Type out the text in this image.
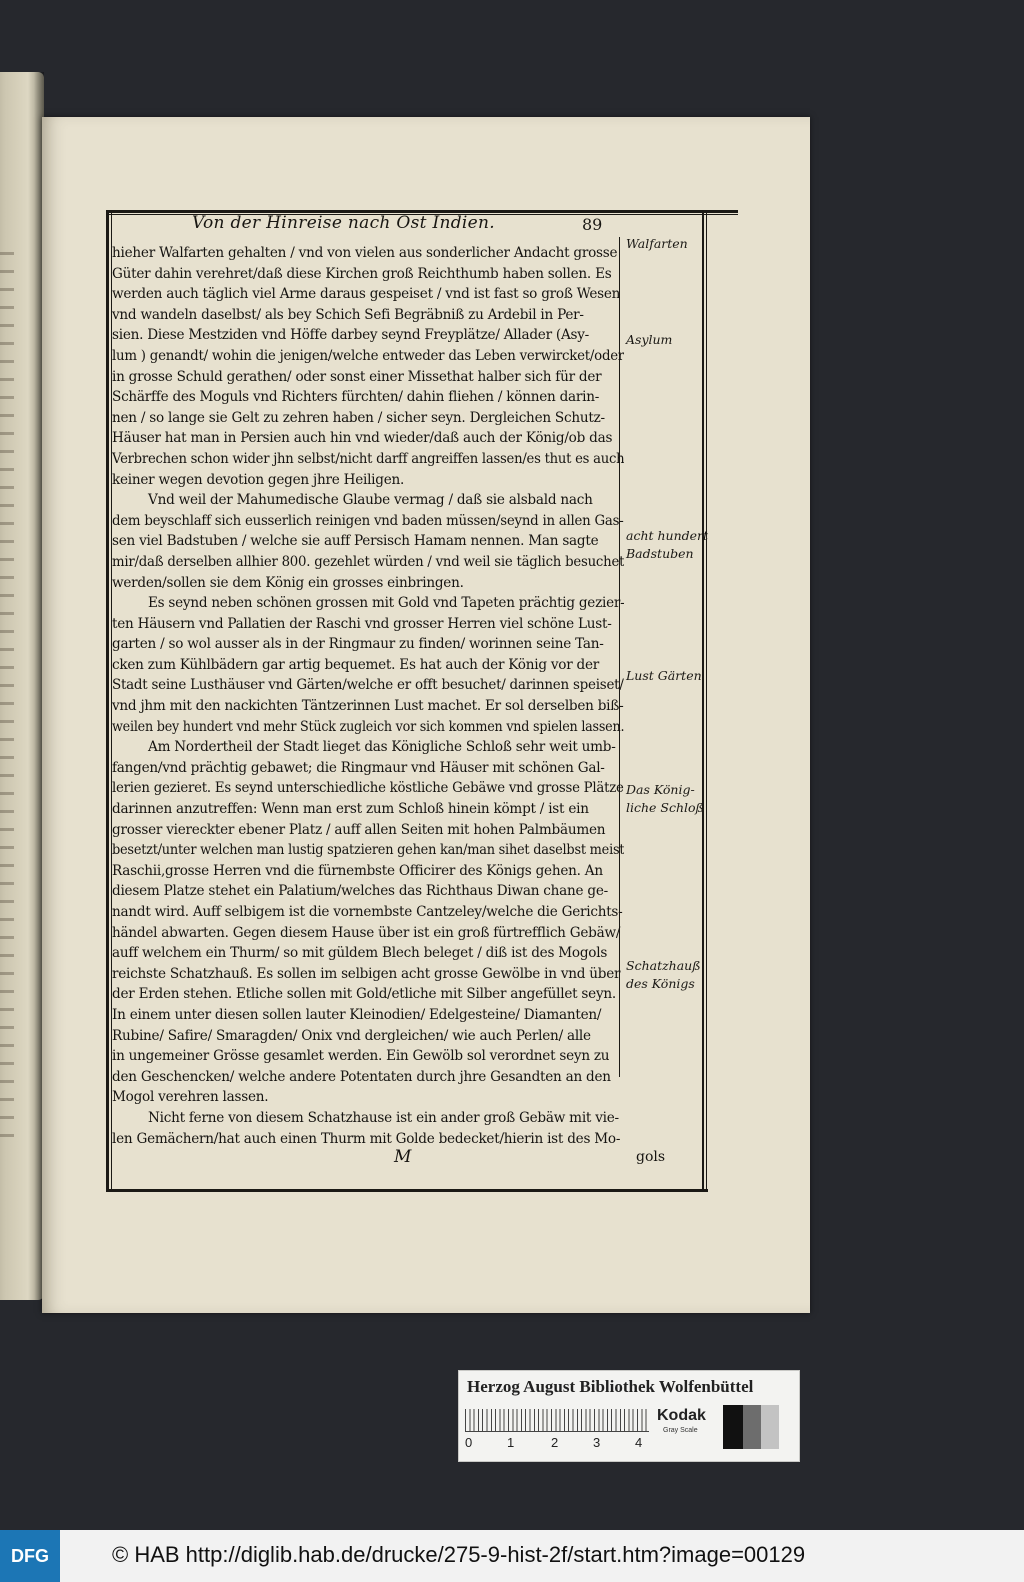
Von der Hinreise nach Ost Indien.	89
hieher Walfarten gehalten / vnd von vielen aus sonderlicher Andacht grosse
Güter dahin verehret/daß diese Kirchen groß Reichthumb haben sollen. Es
werden auch täglich viel Arme daraus gespeiset / vnd ist fast so groß Wesen
vnd wandeln daselbst/ als bey Schich Sefi Begräbniß zu Ardebil in Per-
sien. Diese Mestziden vnd Höffe darbey seynd Freyplätze/ Allader (Asy-
lum ) genandt/ wohin die jenigen/welche entweder das Leben verwircket/oder
in grosse Schuld gerathen/ oder sonst einer Missethat halber sich für der
Schärffe des Moguls vnd Richters fürchten/ dahin fliehen / können darin-
nen / so lange sie Gelt zu zehren haben / sicher seyn. Dergleichen Schutz-
Häuser hat man in Persien auch hin vnd wieder/daß auch der König/ob das
Verbrechen schon wider jhn selbst/nicht darff angreiffen lassen/es thut es auch
keiner wegen devotion gegen jhre Heiligen.
Vnd weil der Mahumedische Glaube vermag / daß sie alsbald nach
dem beyschlaff sich eusserlich reinigen vnd baden müssen/seynd in allen Gas-
sen viel Badstuben / welche sie auff Persisch Hamam nennen. Man sagte
mir/daß derselben allhier 800. gezehlet würden / vnd weil sie täglich besuchet
werden/sollen sie dem König ein grosses einbringen.
Es seynd neben schönen grossen mit Gold vnd Tapeten prächtig gezier-
ten Häusern vnd Pallatien der Raschi vnd grosser Herren viel schöne Lust-
garten / so wol ausser als in der Ringmaur zu finden/ worinnen seine Tan-
cken zum Kühlbädern gar artig bequemet. Es hat auch der König vor der
Stadt seine Lusthäuser vnd Gärten/welche er offt besuchet/ darinnen speiset/
vnd jhm mit den nackichten Täntzerinnen Lust machet. Er sol derselben biß-
weilen bey hundert vnd mehr Stück zugleich vor sich kommen vnd spielen lassen.
Am Nordertheil der Stadt lieget das Königliche Schloß sehr weit umb-
fangen/vnd prächtig gebawet; die Ringmaur vnd Häuser mit schönen Gal-
lerien gezieret. Es seynd unterschiedliche köstliche Gebäwe vnd grosse Plätze
darinnen anzutreffen: Wenn man erst zum Schloß hinein kömpt / ist ein
grosser viereckter ebener Platz / auff allen Seiten mit hohen Palmbäumen
besetzt/unter welchen man lustig spatzieren gehen kan/man sihet daselbst meist
Raschii,grosse Herren vnd die fürnembste Officirer des Königs gehen. An
diesem Platze stehet ein Palatium/welches das Richthaus Diwan chane ge-
nandt wird. Auff selbigem ist die vornembste Cantzeley/welche die Gerichts-
händel abwarten. Gegen diesem Hause über ist ein groß fürtrefflich Gebäw/
auff welchem ein Thurm/ so mit güldem Blech beleget / diß ist des Mogols
reichste Schatzhauß. Es sollen im selbigen acht grosse Gewölbe in vnd über
der Erden stehen. Etliche sollen mit Gold/etliche mit Silber angefüllet seyn.
In einem unter diesen sollen lauter Kleinodien/ Edelgesteine/ Diamanten/
Rubine/ Safire/ Smaragden/ Onix vnd dergleichen/ wie auch Perlen/ alle
in ungemeiner Grösse gesamlet werden. Ein Gewölb sol verordnet seyn zu
den Geschencken/ welche andere Potentaten durch jhre Gesandten an den
Mogol verehren lassen.
Nicht ferne von diesem Schatzhause ist ein ander groß Gebäw mit vie-
len Gemächern/hat auch einen Thurm mit Golde bedecket/hierin ist des Mo-
Walfarten
Asylum
acht hundert Badstuben
Lust Gärten
Das König-liche Schloß
Schatzhauß des Königs
M	gols
Herzog August Bibliothek Wolfenbüttel
0	1	2	3	4
Kodak
Gray Scale
DFG	© HAB http://diglib.hab.de/drucke/275-9-hist-2f/start.htm?image=00129
